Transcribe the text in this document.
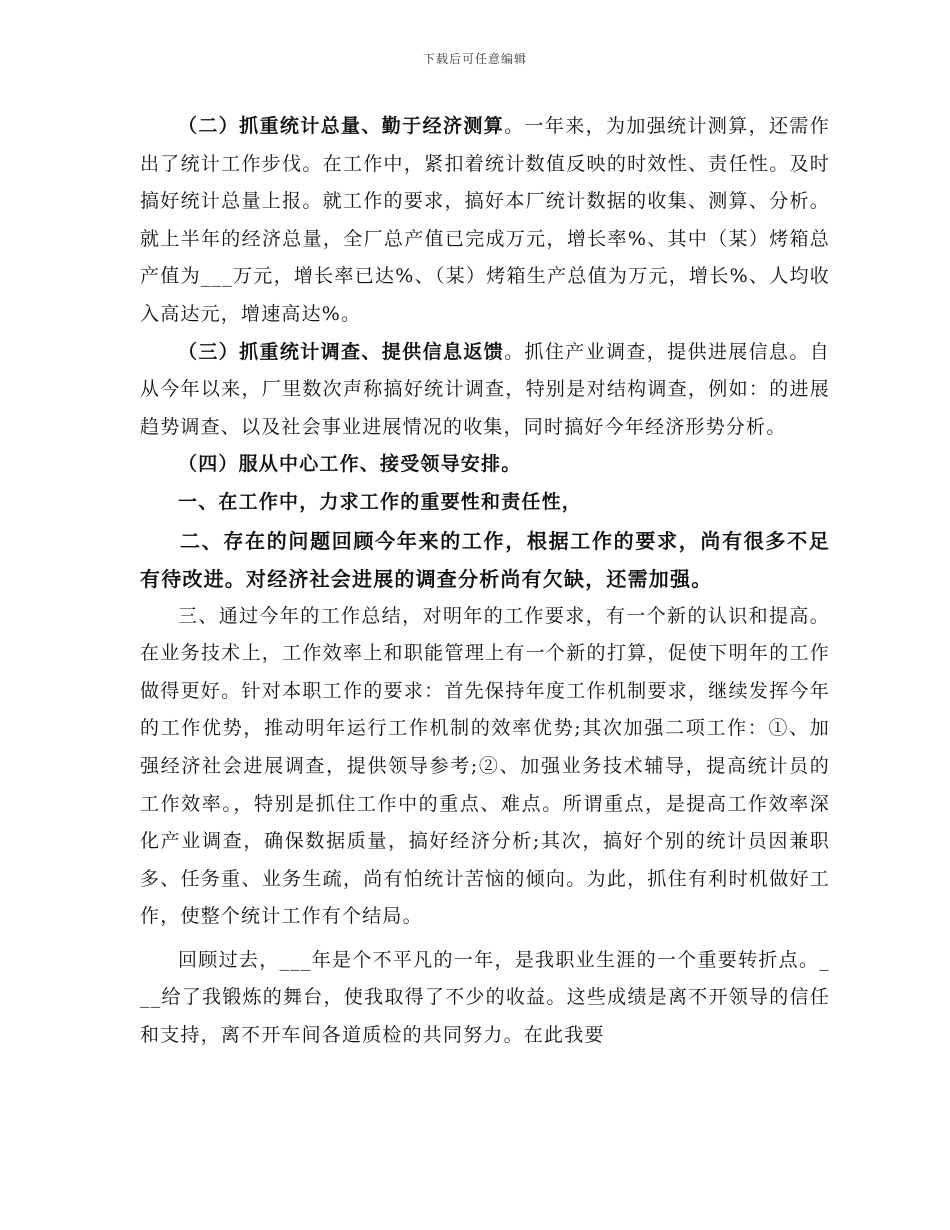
下载后可任意编辑

（二）抓重统计总量、勤于经济测算。一年来，为加强统计测算，还需作出了统计工作步伐。在工作中，紧扣着统计数值反映的时效性、责任性。及时搞好统计总量上报。就工作的要求，搞好本厂统计数据的收集、测算、分析。就上半年的经济总量，全厂总产值已完成万元，增长率%、其中（某）烤箱总产值为___万元，增长率已达%、（某）烤箱生产总值为万元，增长%、人均收入高达元，增速高达%。

（三）抓重统计调查、提供信息返馈。抓住产业调查，提供进展信息。自从今年以来，厂里数次声称搞好统计调查，特别是对结构调查，例如：的进展趋势调查、以及社会事业进展情况的收集，同时搞好今年经济形势分析。

（四）服从中心工作、接受领导安排。

一、在工作中，力求工作的重要性和责任性，

二、存在的问题回顾今年来的工作，根据工作的要求，尚有很多不足有待改进。对经济社会进展的调查分析尚有欠缺，还需加强。

三、通过今年的工作总结，对明年的工作要求，有一个新的认识和提高。在业务技术上，工作效率上和职能管理上有一个新的打算，促使下明年的工作做得更好。针对本职工作的要求：首先保持年度工作机制要求，继续发挥今年的工作优势，推动明年运行工作机制的效率优势;其次加强二项工作：①、加强经济社会进展调查，提供领导参考;②、加强业务技术辅导，提高统计员的工作效率。，特别是抓住工作中的重点、难点。所谓重点，是提高工作效率深化产业调查，确保数据质量，搞好经济分析;其次，搞好个别的统计员因兼职多、任务重、业务生疏，尚有怕统计苦恼的倾向。为此，抓住有利时机做好工作，使整个统计工作有个结局。

回顾过去，___年是个不平凡的一年，是我职业生涯的一个重要转折点。___给了我锻炼的舞台，使我取得了不少的收益。这些成绩是离不开领导的信任和支持，离不开车间各道质检的共同努力。在此我要
